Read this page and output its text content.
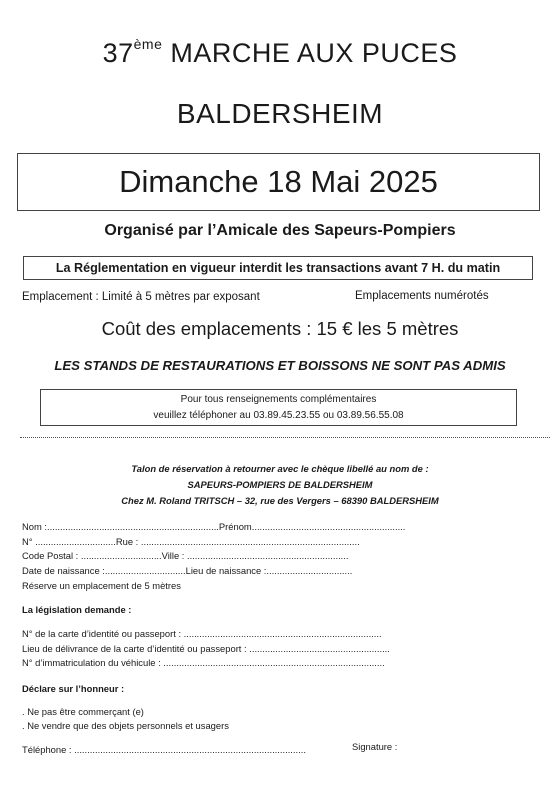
37ème MARCHE AUX PUCES
BALDERSHEIM
Dimanche 18 Mai 2025
Organisé par l’Amicale des Sapeurs-Pompiers
La Réglementation en vigueur interdit les transactions avant 7 H. du matin
Emplacement : Limité à 5 mètres par exposant	Emplacements numérotés
Coût des emplacements : 15 € les 5 mètres
LES STANDS DE RESTAURATIONS ET BOISSONS NE SONT PAS ADMIS
Pour tous renseignements complémentaires
veuillez téléphoner au 03.89.45.23.55 ou 03.89.56.55.08
Talon de réservation à retourner avec le chèque libellé au nom de :
SAPEURS-POMPIERS DE BALDERSHEIM
Chez M. Roland TRITSCH – 32, rue des Vergers – 68390 BALDERSHEIM
Nom :..................................................................Prénom...........................................................
N° ...............................Rue : ....................................................................................
Code Postal : ...............................Ville : ..............................................................
Date de naissance :...............................Lieu de naissance :.................................
Réserve un emplacement de 5 mètres
La législation demande :
N° de la carte d’identité ou passeport : ............................................................................
Lieu de délivrance de la carte d’identité ou passeport : ......................................................
N° d’immatriculation du véhicule : .....................................................................................
Déclare sur l’honneur :
. Ne pas être commerçant (e)
. Ne vendre que des objets personnels et usagers
Téléphone : .........................................................................................	Signature :
